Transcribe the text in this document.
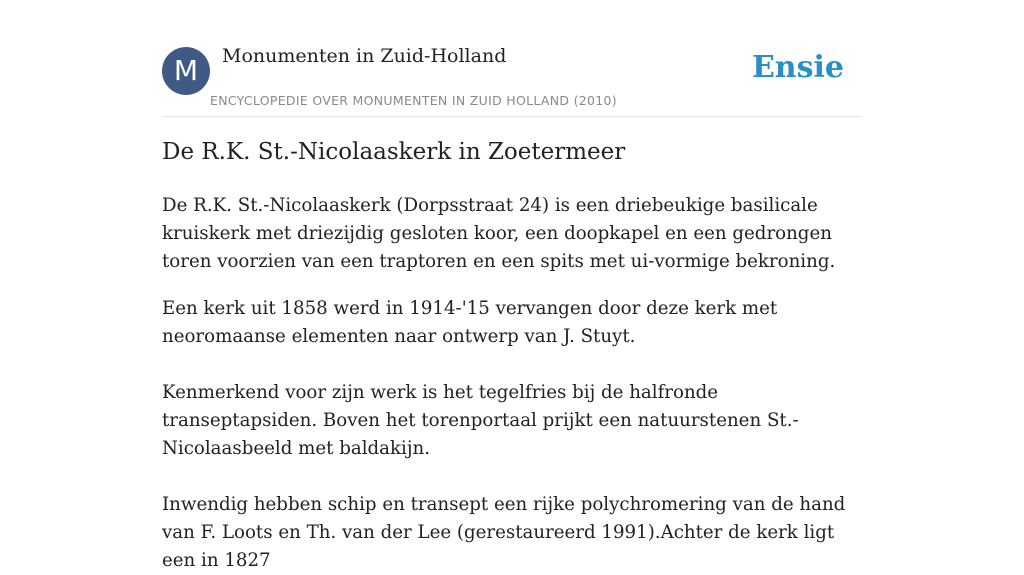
M	Monumenten in Zuid-Holland
ENCYCLOPEDIE OVER MONUMENTEN IN ZUID HOLLAND (2010)
Ensie
De R.K. St.-Nicolaaskerk in Zoetermeer

De R.K. St.-Nicolaaskerk (Dorpsstraat 24) is een driebeukige basilicale kruiskerk met driezijdig gesloten koor, een doopkapel en een gedrongen toren voorzien van een traptoren en een spits met ui-vormige bekroning.

Een kerk uit 1858 werd in 1914-'15 vervangen door deze kerk met neoromaanse elementen naar ontwerp van J. Stuyt.

Kenmerkend voor zijn werk is het tegelfries bij de halfronde transeptapsiden. Boven het torenportaal prijkt een natuurstenen St.-Nicolaasbeeld met baldakijn.

Inwendig hebben schip en transept een rijke polychromering van de hand van F. Loots en Th. van der Lee (gerestaureerd 1991).Achter de kerk ligt een in 1827
